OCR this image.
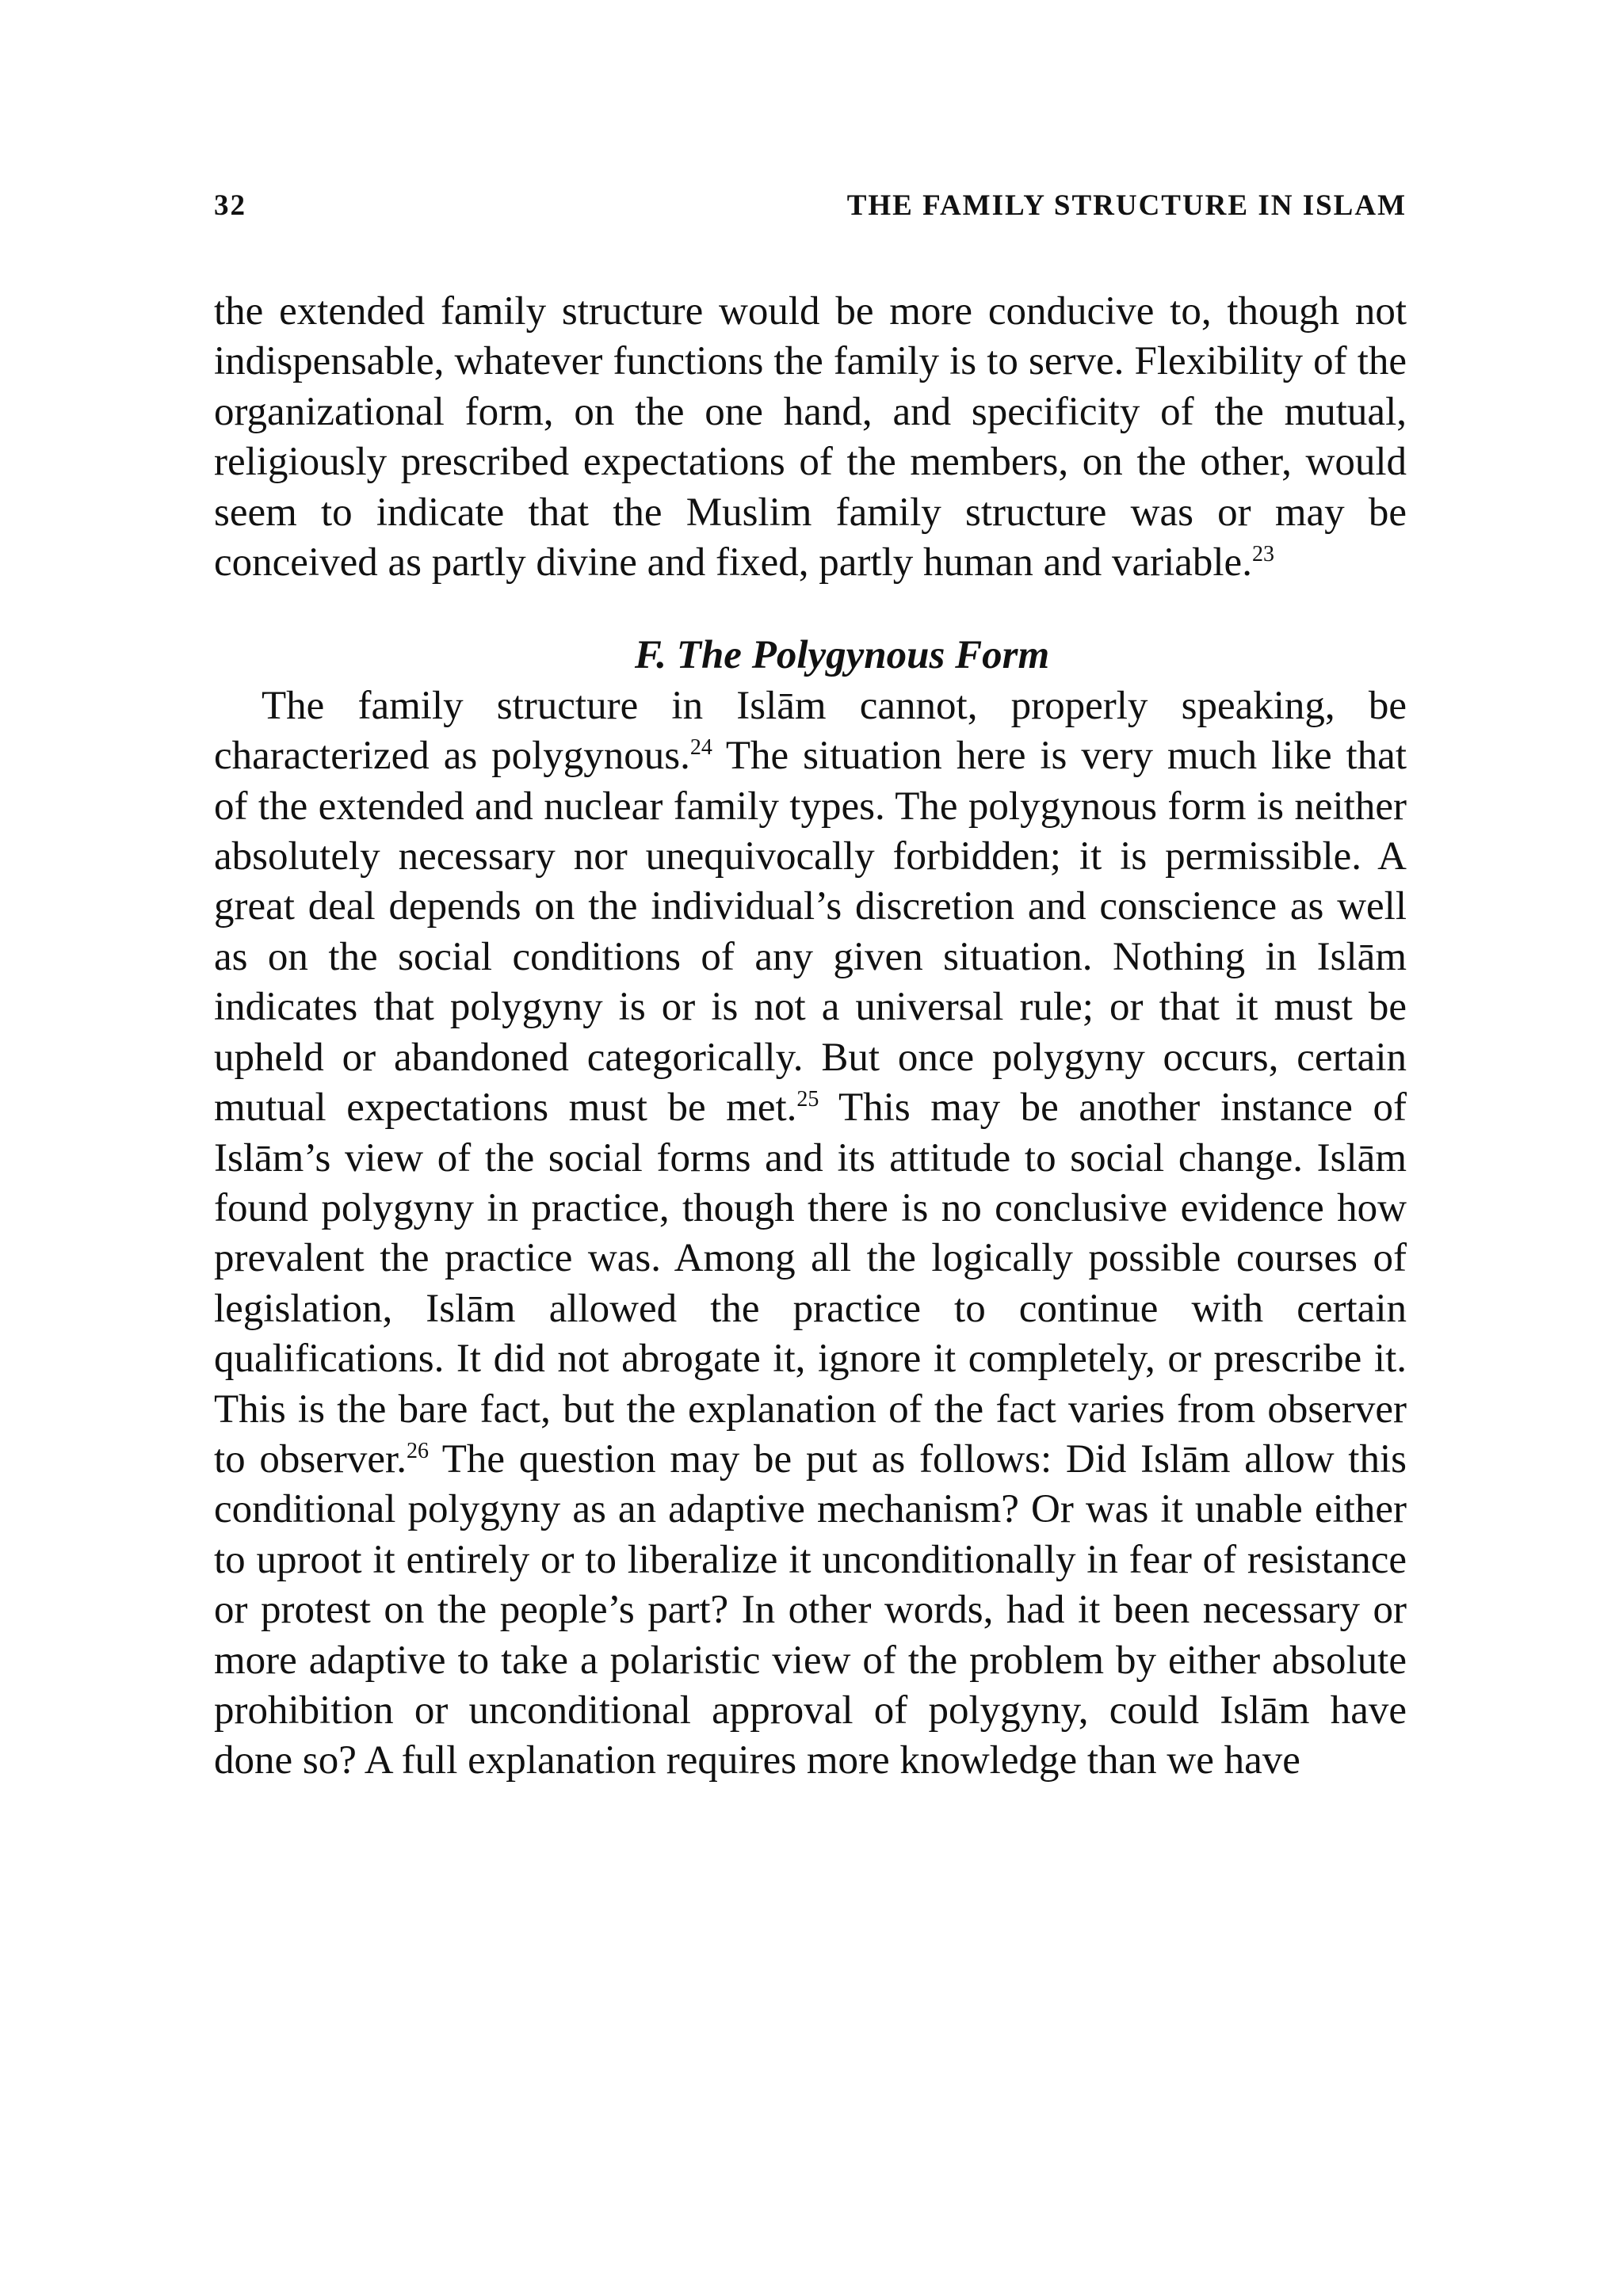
32	THE FAMILY STRUCTURE IN ISLAM

the extended family structure would be more conducive to, though not indispensable, whatever functions the family is to serve. Flexibility of the organizational form, on the one hand, and specificity of the mutual, religiously prescribed expectations of the members, on the other, would seem to indicate that the Muslim family structure was or may be conceived as partly divine and fixed, partly human and variable.$^{23}$

F. The Polygynous Form

The family structure in Islām cannot, properly speaking, be characterized as polygynous.$^{24}$ The situation here is very much like that of the extended and nuclear family types. The polygynous form is neither absolutely necessary nor unequivocally forbidden; it is permissible. A great deal depends on the individual’s discretion and conscience as well as on the social conditions of any given situation. Nothing in Islām indicates that polygyny is or is not a universal rule; or that it must be upheld or abandoned categorically. But once polygyny occurs, certain mutual expectations must be met.$^{25}$ This may be another instance of Islām’s view of the social forms and its attitude to social change. Islām found polygyny in practice, though there is no conclusive evidence how prevalent the practice was. Among all the logically possible courses of legislation, Islām allowed the practice to continue with certain qualifications. It did not abrogate it, ignore it completely, or prescribe it. This is the bare fact, but the explanation of the fact varies from observer to observer.$^{26}$ The question may be put as follows: Did Islām allow this conditional polygyny as an adaptive mechanism? Or was it unable either to uproot it entirely or to liberalize it unconditionally in fear of resistance or protest on the people’s part? In other words, had it been necessary or more adaptive to take a polaristic view of the problem by either absolute prohibition or unconditional approval of polygyny, could Islām have done so? A full explanation requires more knowledge than we have
